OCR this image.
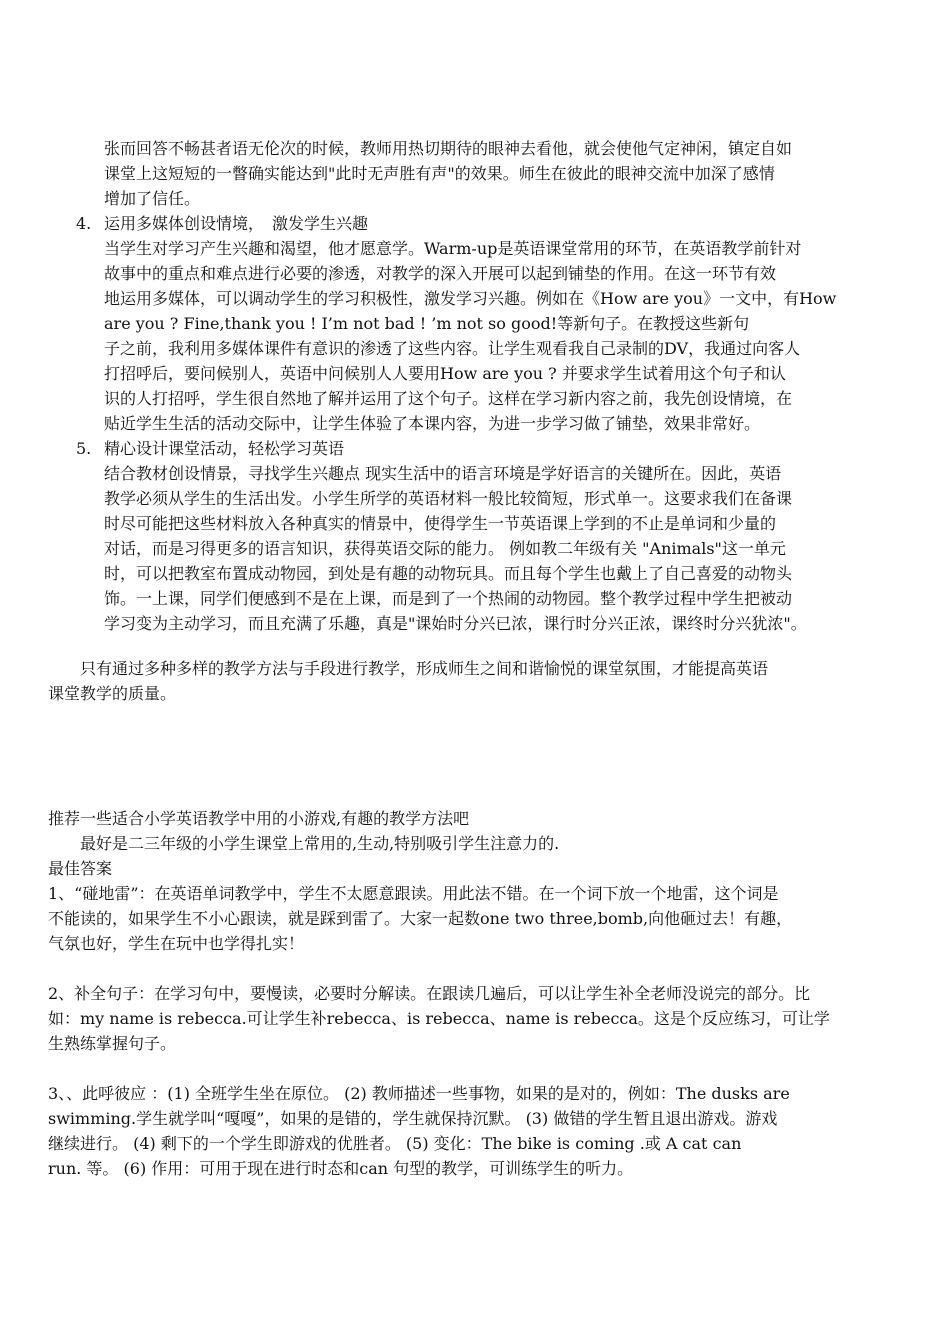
张而回答不畅甚者语无伦次的时候，教师用热切期待的眼神去看他，就会使他气定神闲，镇定自如
课堂上这短短的一瞥确实能达到"此时无声胜有声"的效果。师生在彼此的眼神交流中加深了感情
增加了信任。
4. 运用多媒体创设情境，　激发学生兴趣
当学生对学习产生兴趣和渴望，他才愿意学。Warm-up是英语课堂常用的环节，在英语教学前针对
故事中的重点和难点进行必要的渗透，对教学的深入开展可以起到铺垫的作用。在这一环节有效
地运用多媒体，可以调动学生的学习积极性，激发学习兴趣。例如在《How are you》一文中，有How
are you ? Fine,thank you ! I’m not bad ! ’m not so good!等新句子。在教授这些新句
子之前，我利用多媒体课件有意识的渗透了这些内容。让学生观看我自己录制的DV，我通过向客人
打招呼后，要问候别人，英语中问候别人人要用How are you ? 并要求学生试着用这个句子和认
识的人打招呼，学生很自然地了解并运用了这个句子。这样在学习新内容之前，我先创设情境，在
贴近学生生活的活动交际中，让学生体验了本课内容，为进一步学习做了铺垫，效果非常好。
5. 精心设计课堂活动，轻松学习英语
结合教材创设情景，寻找学生兴趣点 现实生活中的语言环境是学好语言的关键所在。因此，英语
教学必须从学生的生活出发。小学生所学的英语材料一般比较简短，形式单一。这要求我们在备课
时尽可能把这些材料放入各种真实的情景中，使得学生一节英语课上学到的不止是单词和少量的
对话，而是习得更多的语言知识，获得英语交际的能力。 例如教二年级有关 "Animals"这一单元
时，可以把教室布置成动物园，到处是有趣的动物玩具。而且每个学生也戴上了自己喜爱的动物头
饰。一上课，同学们便感到不是在上课，而是到了一个热闹的动物园。整个教学过程中学生把被动
学习变为主动学习，而且充满了乐趣，真是"课始时分兴已浓，课行时分兴正浓，课终时分兴犹浓"。
只有通过多种多样的教学方法与手段进行教学，形成师生之间和谐愉悦的课堂氛围，才能提高英语
课堂教学的质量。
推荐一些适合小学英语教学中用的小游戏,有趣的教学方法吧
最好是二三年级的小学生课堂上常用的,生动,特别吸引学生注意力的.
最佳答案
1、“碰地雷”：在英语单词教学中，学生不太愿意跟读。用此法不错。在一个词下放一个地雷，这个词是
不能读的，如果学生不小心跟读，就是踩到雷了。大家一起数one two three,bomb,向他砸过去！有趣，
气氛也好，学生在玩中也学得扎实！
2、补全句子：在学习句中，要慢读，必要时分解读。在跟读几遍后，可以让学生补全老师没说完的部分。比
如：my name is rebecca.可让学生补rebecca、is rebecca、name is rebecca。这是个反应练习，可让学
生熟练掌握句子。
3、、此呼彼应 ：(1) 全班学生坐在原位。 (2) 教师描述一些事物，如果的是对的，例如：The dusks are
swimming.学生就学叫“嘎嘎”，如果的是错的，学生就保持沉默。 (3) 做错的学生暂且退出游戏。游戏
继续进行。 (4) 剩下的一个学生即游戏的优胜者。 (5) 变化：The bike is coming .或 A cat can
run. 等。 (6) 作用：可用于现在进行时态和can 句型的教学，可训练学生的听力。
